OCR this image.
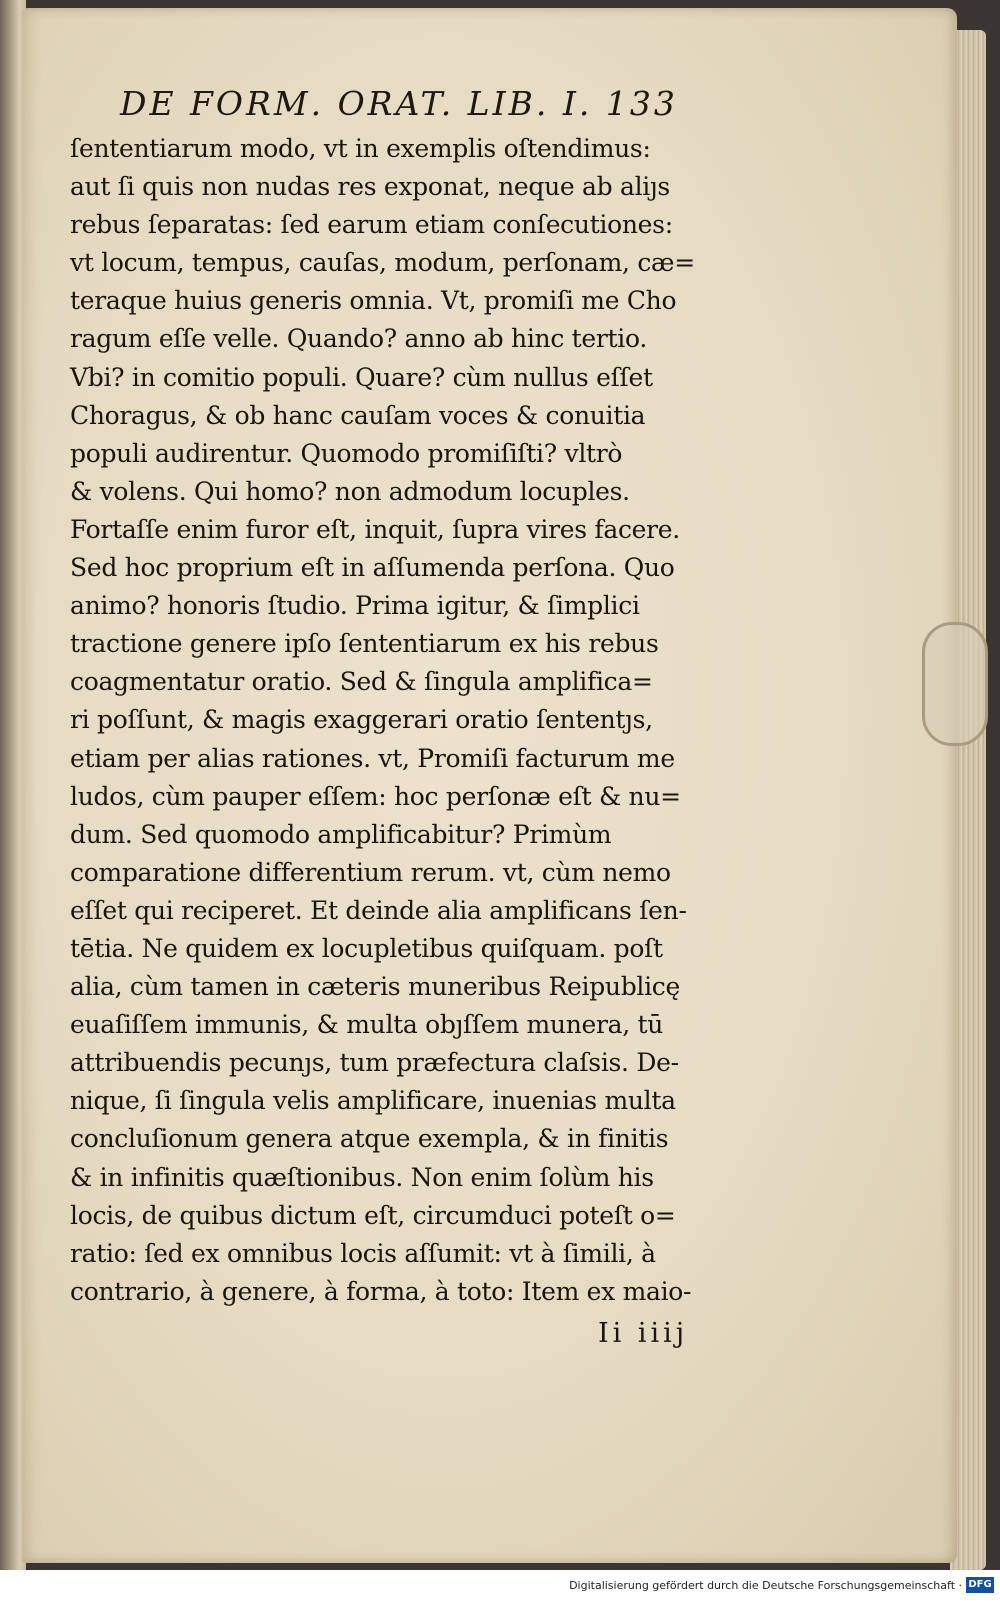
DE FORM. ORAT. LIB. I. 133
ſententiarum modo, vt in exemplis oſtendimus:
aut ſi quis non nudas res exponat, neque ab aliȷs
rebus ſeparatas: ſed earum etiam conſecutiones:
vt locum, tempus, cauſas, modum, perſonam, cæ=
teraque huius generis omnia. Vt, promiſi me Cho
ragum eſſe velle. Quando? anno ab hinc tertio.
Vbi? in comitio populi. Quare? cùm nullus eſſet
Choragus, & ob hanc cauſam voces & conuitia
populi audirentur. Quomodo promiſiſti? vltrò
& volens. Qui homo? non admodum locuples.
Fortaſſe enim furor eſt, inquit, ſupra vires facere.
Sed hoc proprium eſt in aſſumenda perſona. Quo
animo? honoris ſtudio. Prima igitur, & ſimplici
tractione genere ipſo ſententiarum ex his rebus
coagmentatur oratio. Sed & ſingula amplifica=
ri poſſunt, & magis exaggerari oratio ſententȷs,
etiam per alias rationes. vt, Promiſi facturum me
ludos, cùm pauper eſſem: hoc perſonæ eſt & nu=
dum. Sed quomodo amplificabitur? Primùm
comparatione differentium rerum. vt, cùm nemo
eſſet qui reciperet. Et deinde alia amplificans ſen-
tētia. Ne quidem ex locupletibus quiſquam. poſt
alia, cùm tamen in cæteris muneribus Reipublicę
euaſiſſem immunis, & multa obȷſſem munera, tū
attribuendis pecunȷs, tum præfectura claſsis. De-
nique, ſi ſingula velis amplificare, inuenias multa
concluſionum genera atque exempla, & in finitis
& in infinitis quæſtionibus. Non enim ſolùm his
locis, de quibus dictum eſt, circumduci poteſt o=
ratio: ſed ex omnibus locis aſſumit: vt à ſimili, à
contrario, à genere, à forma, à toto: Item ex maio-
Ii iiij
Digitalisierung gefördert durch die Deutsche Forschungsgemeinschaft · DFG
